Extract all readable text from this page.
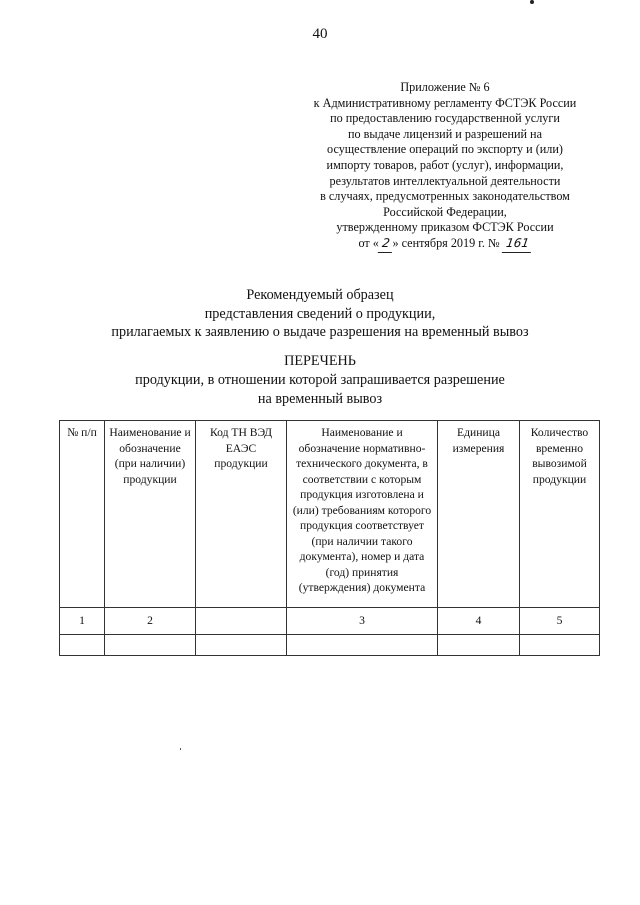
40
Приложение № 6
к Административному регламенту ФСТЭК России
по предоставлению государственной услуги
по выдаче лицензий и разрешений на
осуществление операций по экспорту и (или)
импорту товаров, работ (услуг), информации,
результатов интеллектуальной деятельности
в случаях, предусмотренных законодательством
Российской Федерации,
утвержденному приказом ФСТЭК России
от « 2 » сентября 2019 г. № 161
Рекомендуемый образец
представления сведений о продукции,
прилагаемых к заявлению о выдаче разрешения на временный вывоз
ПЕРЕЧЕНЬ
продукции, в отношении которой запрашивается разрешение
на временный вывоз
№ п/п	Наименование и обозначение (при наличии) продукции	Код ТН ВЭД ЕАЭС продукции	Наименование и обозначение нормативно-технического документа, в соответствии с которым продукция изготовлена и (или) требованиям которого продукция соответствует (при наличии такого документа), номер и дата (год) принятия (утверждения) документа	Единица измерения	Количество временно вывозимой продукции
1	2		3	4	5
